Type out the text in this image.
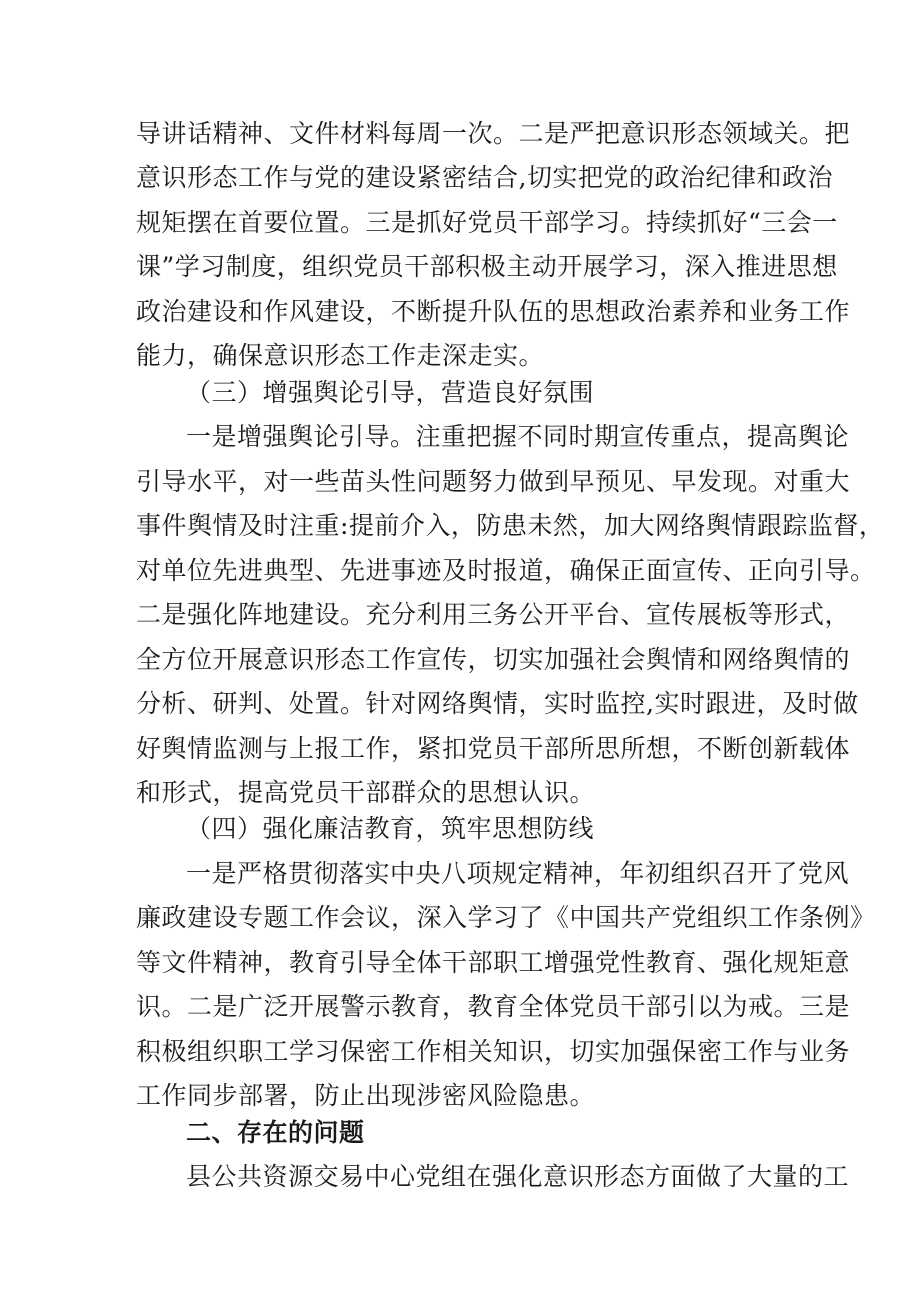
导讲话精神、文件材料每周一次。二是严把意识形态领域关。把
意识形态工作与党的建设紧密结合,切实把党的政治纪律和政治
规矩摆在首要位置。三是抓好党员干部学习。持续抓好“三会一
课”学习制度，组织党员干部积极主动开展学习，深入推进思想
政治建设和作风建设，不断提升队伍的思想政治素养和业务工作
能力，确保意识形态工作走深走实。
（三）增强舆论引导，营造良好氛围
一是增强舆论引导。注重把握不同时期宣传重点，提高舆论
引导水平，对一些苗头性问题努力做到早预见、早发现。对重大
事件舆情及时注重:提前介入，防患未然，加大网络舆情跟踪监督，
对单位先进典型、先进事迹及时报道，确保正面宣传、正向引导。
二是强化阵地建设。充分利用三务公开平台、宣传展板等形式，
全方位开展意识形态工作宣传，切实加强社会舆情和网络舆情的
分析、研判、处置。针对网络舆情，实时监控,实时跟进，及时做
好舆情监测与上报工作，紧扣党员干部所思所想，不断创新载体
和形式，提高党员干部群众的思想认识。
（四）强化廉洁教育，筑牢思想防线
一是严格贯彻落实中央八项规定精神，年初组织召开了党风
廉政建设专题工作会议，深入学习了《中国共产党组织工作条例》
等文件精神，教育引导全体干部职工增强党性教育、强化规矩意
识。二是广泛开展警示教育，教育全体党员干部引以为戒。三是
积极组织职工学习保密工作相关知识，切实加强保密工作与业务
工作同步部署，防止出现涉密风险隐患。
二、存在的问题
县公共资源交易中心党组在强化意识形态方面做了大量的工
